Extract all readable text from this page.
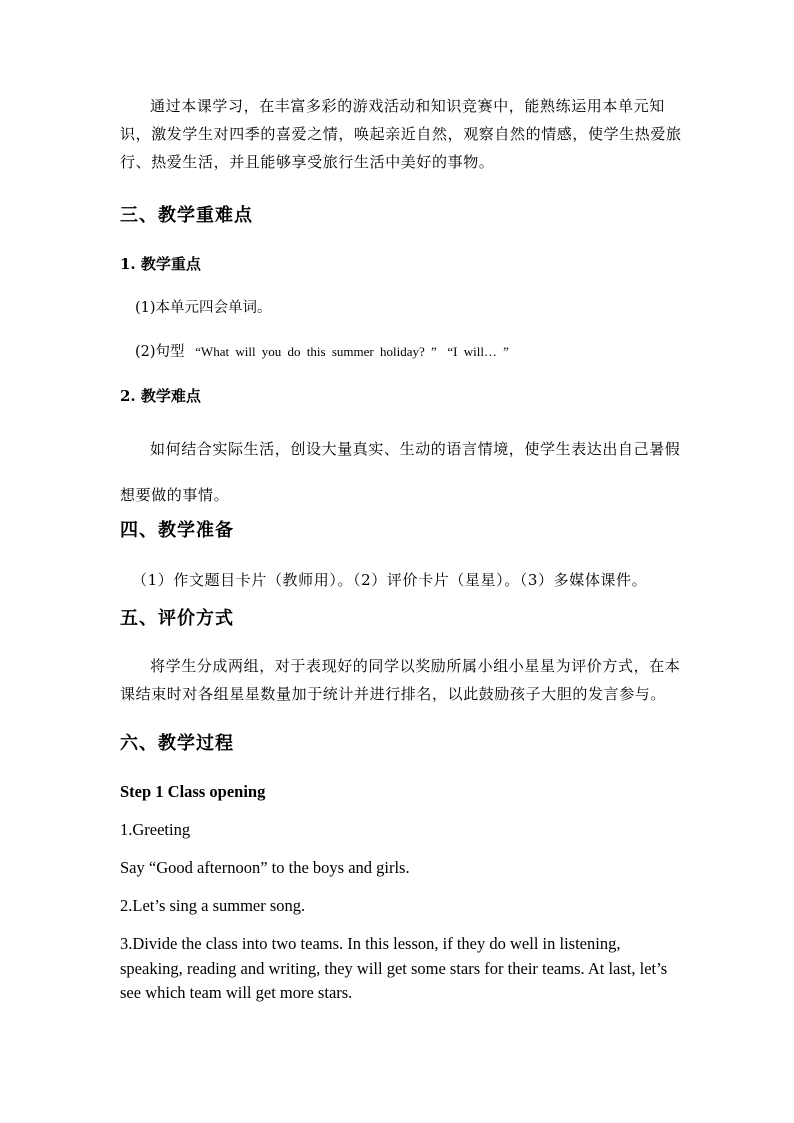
通过本课学习，在丰富多彩的游戏活动和知识竞赛中，能熟练运用本单元知识，激发学生对四季的喜爱之情，唤起亲近自然，观察自然的情感，使学生热爱旅行、热爱生活，并且能够享受旅行生活中美好的事物。

三、教学重难点
1. 教学重点
(1)本单元四会单词。
(2)句型 “What will you do this summer holiday? ” “I will… ”
2. 教学难点

如何结合实际生活，创设大量真实、生动的语言情境，使学生表达出自己暑假想要做的事情。

四、教学准备

（1）作文题目卡片（教师用）。（2）评价卡片（星星）。（3）多媒体课件。

五、评价方式

将学生分成两组，对于表现好的同学以奖励所属小组小星星为评价方式，在本课结束时对各组星星数量加于统计并进行排名，以此鼓励孩子大胆的发言参与。

六、教学过程
Step 1 Class opening
1.Greeting
Say “Good afternoon” to the boys and girls.
2.Let’s sing a summer song.

3.Divide the class into two teams. In this lesson, if they do well in listening, speaking, reading and writing, they will get some stars for their teams. At last, let’s see which team will get more stars.
